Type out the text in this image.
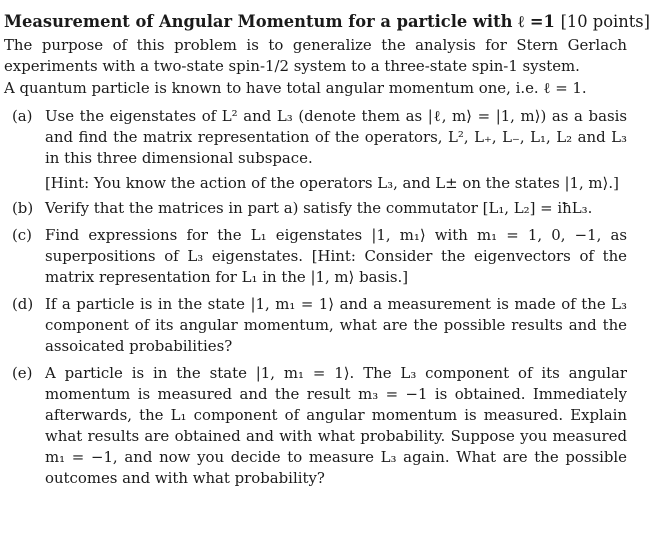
Measurement of Angular Momentum for a particle with ℓ =1 [10 points]

The purpose of this problem is to generalize the analysis for Stern Gerlach experiments with a two-state spin-1/2 system to a three-state spin-1 system.

A quantum particle is known to have total angular momentum one, i.e. ℓ = 1.

(a) Use the eigenstates of L² and L₃ (denote them as |ℓ, m⟩ = |1, m⟩) as a basis and find the matrix representation of the operators, L², L₊, L₋, L₁, L₂ and L₃ in this three dimensional subspace.
[Hint: You know the action of the operators L₃, and L± on the states |1, m⟩.]
(b) Verify that the matrices in part a) satisfy the commutator [L₁, L₂] = iħL₃.
(c) Find expressions for the L₁ eigenstates |1, m₁⟩ with m₁ = 1, 0, −1, as superpositions of L₃ eigenstates. [Hint: Consider the eigenvectors of the matrix representation for L₁ in the |1, m⟩ basis.]
(d) If a particle is in the state |1, m₁ = 1⟩ and a measurement is made of the L₃ component of its angular momentum, what are the possible results and the assoicated probabilities?
(e) A particle is in the state |1, m₁ = 1⟩. The L₃ component of its angular momentum is measured and the result m₃ = −1 is obtained. Immediately afterwards, the L₁ component of angular momentum is measured. Explain what results are obtained and with what probability. Suppose you measured m₁ = −1, and now you decide to measure L₃ again. What are the possible outcomes and with what probability?
